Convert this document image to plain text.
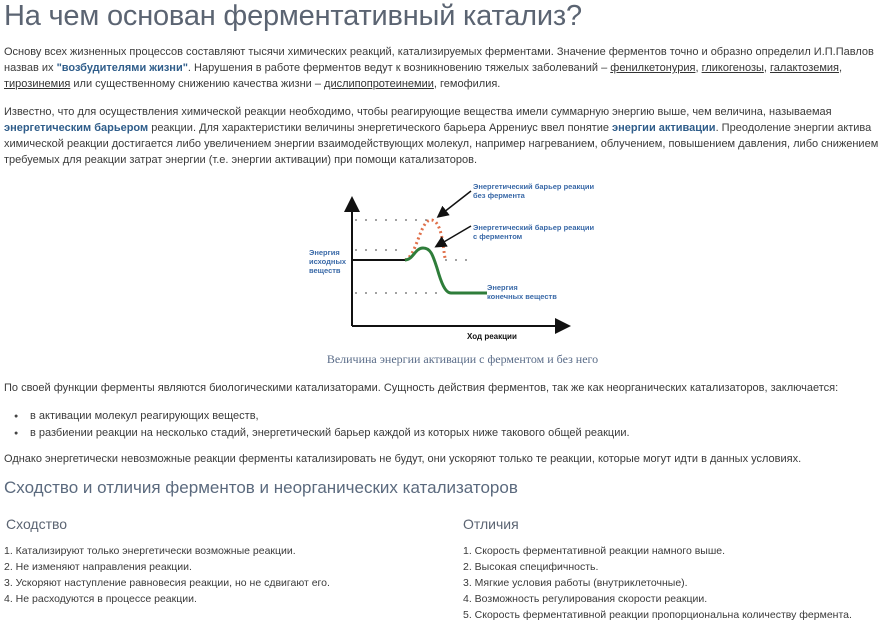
На чем основан ферментативный катализ?

Основу всех жизненных процессов составляют тысячи химических реакций, катализируемых ферментами. Значение ферментов точно и образно определил И.П.Павлов назвав их "возбудителями жизни". Нарушения в работе ферментов ведут к возникновению тяжелых заболеваний – фенилкетонурия, гликогенозы, галактоземия, тирозинемия или существенному снижению качества жизни – дислипопротеинемии, гемофилия.

Известно, что для осуществления химической реакции необходимо, чтобы реагирующие вещества имели суммарную энергию выше, чем величина, называемая энергетическим барьером реакции. Для характеристики величины энергетического барьера Аррениус ввел понятие энергии активации. Преодоление энергии актива химической реакции достигается либо увеличением энергии взаимодействующих молекул, например нагреванием, облучением, повышением давления, либо снижением требуемых для реакции затрат энергии (т.е. энергии активации) при помощи катализаторов.

Энергия
исходных
веществ
Энергетический барьер реакции
без фермента
Энергетический барьер реакции
с ферментом
Энергия
конечных веществ
Ход реакции
Величина энергии активации с ферментом и без него

По своей функции ферменты являются биологическими катализаторами. Сущность действия ферментов, так же как неорганических катализаторов, заключается:

● в активации молекул реагирующих веществ,
● в разбиении реакции на несколько стадий, энергетический барьер каждой из которых ниже такового общей реакции.

Однако энергетически невозможные реакции ферменты катализировать не будут, они ускоряют только те реакции, которые могут идти в данных условиях.

Сходство и отличия ферментов и неорганических катализаторов
Сходство	Отличия
1. Катализируют только энергетически возможные реакции.
2. Не изменяют направления реакции.
3. Ускоряют наступление равновесия реакции, но не сдвигают его.
4. Не расходуются в процессе реакции.
1. Скорость ферментативной реакции намного выше.
2. Высокая специфичность.
3. Мягкие условия работы (внутриклеточные).
4. Возможность регулирования скорости реакции.
5. Скорость ферментативной реакции пропорциональна количеству фермента.
